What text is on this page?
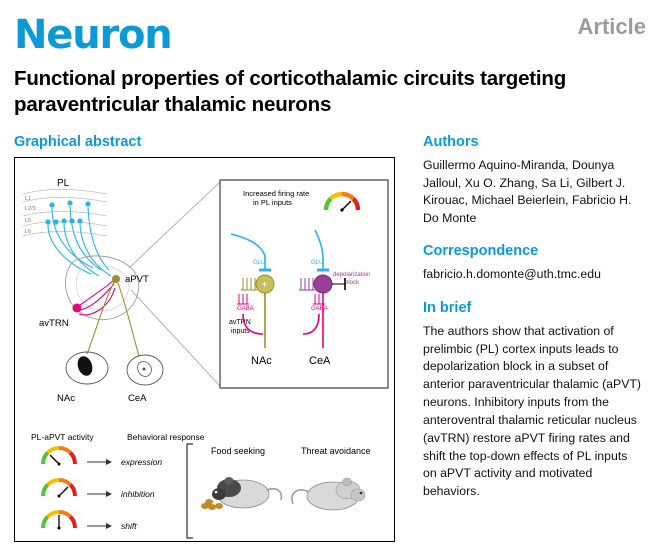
Neuron	Article
Functional properties of corticothalamic circuits targeting paraventricular thalamic neurons
Graphical abstract
PL
L1
L2/3
L5
L6
aPVT
avTRN
NAc	CeA
Increased firing rate
in PL inputs
GLU	GLU
+
depolarization
block
GABA	GABA
avTRN
inputs
NAc	CeA
PL-aPVT activity	Behavioral response
expression
inhibition
shift
Food seeking	Threat avoidance
Authors
Guillermo Aquino-Miranda, Dounya Jalloul, Xu O. Zhang, Sa Li, Gilbert J. Kirouac, Michael Beierlein, Fabricio H. Do Monte
Correspondence
fabricio.h.domonte@uth.tmc.edu
In brief
The authors show that activation of prelimbic (PL) cortex inputs leads to depolarization block in a subset of anterior paraventricular thalamic (aPVT) neurons. Inhibitory inputs from the anteroventral thalamic reticular nucleus (avTRN) restore aPVT firing rates and shift the top-down effects of PL inputs on aPVT activity and motivated behaviors.
